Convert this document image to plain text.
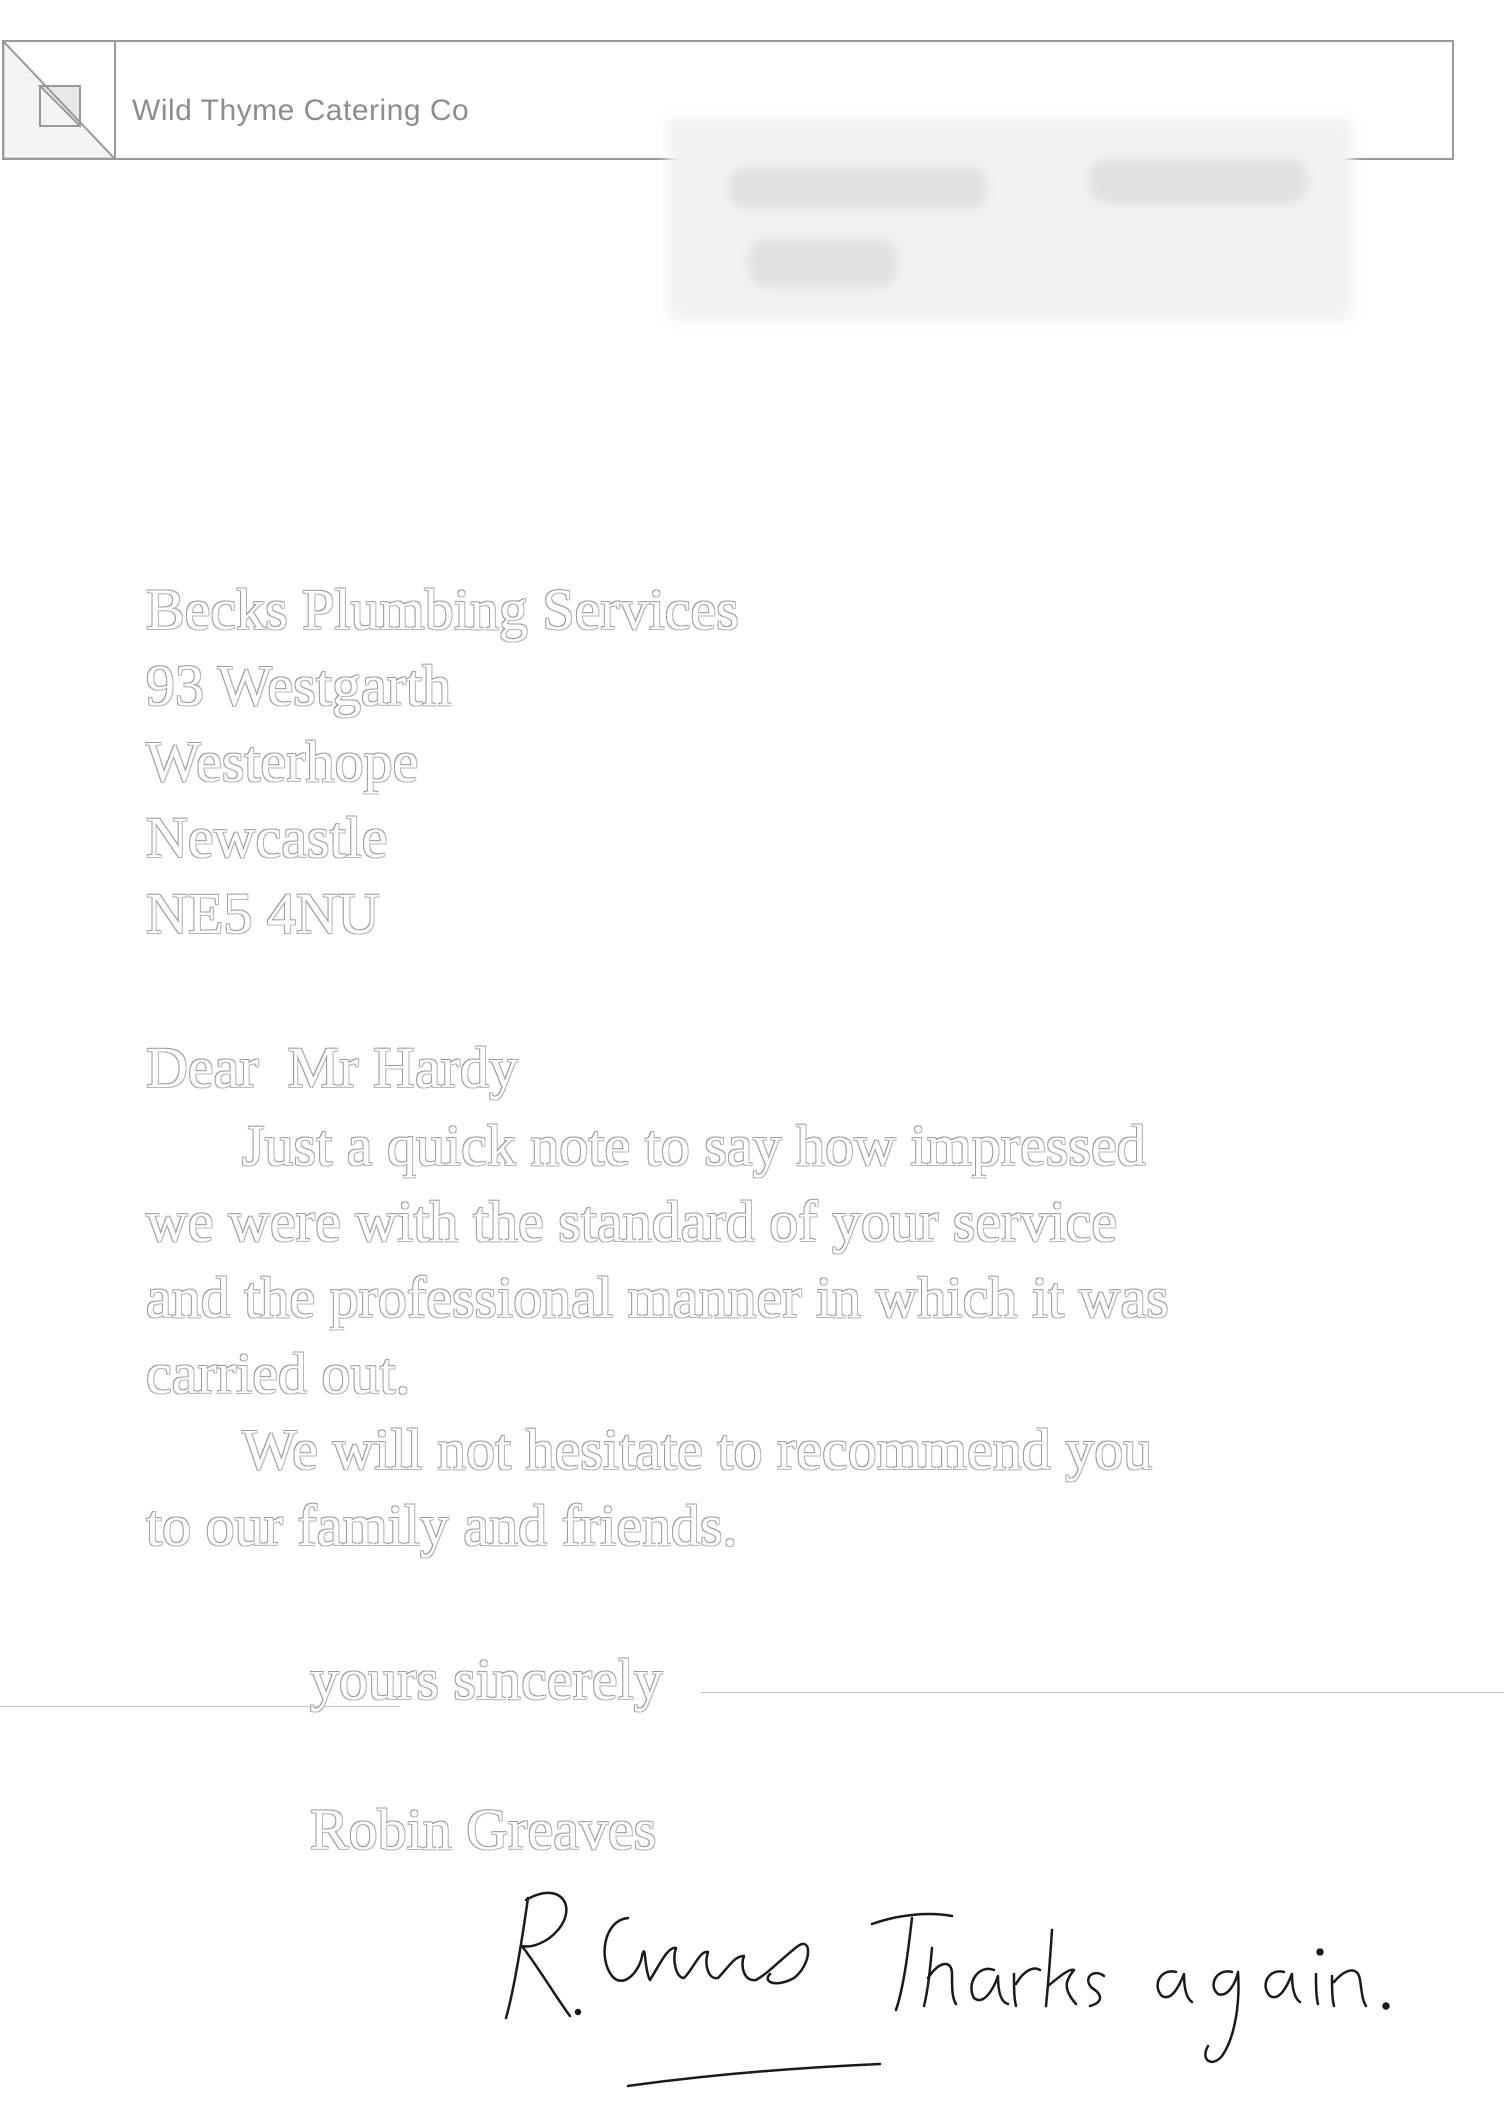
Wild Thyme Catering Co
Becks Plumbing Services
93 Westgarth
Westerhope
Newcastle
NE5 4NU
Dear  Mr Hardy
Just a quick note to say how impressed
we were with the standard of your service
and the professional manner in which it was
carried out.
We will not hesitate to recommend you
to our family and friends.
yours sincerely
Robin Greaves
